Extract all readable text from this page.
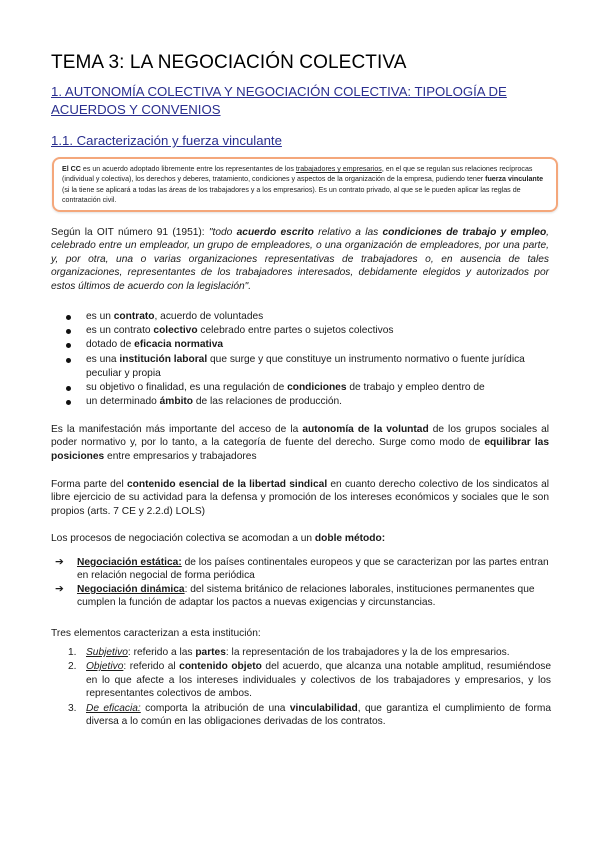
TEMA 3: LA NEGOCIACIÓN COLECTIVA
1. AUTONOMÍA COLECTIVA Y NEGOCIACIÓN COLECTIVA: TIPOLOGÍA DE ACUERDOS Y CONVENIOS
1.1. Caracterización y fuerza vinculante
El CC es un acuerdo adoptado libremente entre los representantes de los trabajadores y empresarios, en el que se regulan sus relaciones recíprocas (individual y colectiva), los derechos y deberes, tratamiento, condiciones y aspectos de la organización de la empresa, pudiendo tener fuerza vinculante (si la tiene se aplicará a todas las áreas de los trabajadores y a los empresarios). Es un contrato privado, al que se le pueden aplicar las reglas de contratación civil.
Según la OIT número 91 (1951): "todo acuerdo escrito relativo a las condiciones de trabajo y empleo, celebrado entre un empleador, un grupo de empleadores, o una organización de empleadores, por una parte, y, por otra, una o varias organizaciones representativas de trabajadores o, en ausencia de tales organizaciones, representantes de los trabajadores interesados, debidamente elegidos y autorizados por estos últimos de acuerdo con la legislación".
es un contrato, acuerdo de voluntades
es un contrato colectivo celebrado entre partes o sujetos colectivos
dotado de eficacia normativa
es una institución laboral que surge y que constituye un instrumento normativo o fuente jurídica peculiar y propia
su objetivo o finalidad, es una regulación de condiciones de trabajo y empleo dentro de
un determinado ámbito de las relaciones de producción.
Es la manifestación más importante del acceso de la autonomía de la voluntad de los grupos sociales al poder normativo y, por lo tanto, a la categoría de fuente del derecho. Surge como modo de equilibrar las posiciones entre empresarios y trabajadores
Forma parte del contenido esencial de la libertad sindical en cuanto derecho colectivo de los sindicatos al libre ejercicio de su actividad para la defensa y promoción de los intereses económicos y sociales que le son propios (arts. 7 CE y 2.2.d) LOLS)
Los procesos de negociación colectiva se acomodan a un doble método:
➔ Negociación estática: de los países continentales europeos y que se caracterizan por las partes entran en relación negocial de forma periódica
➔ Negociación dinámica: del sistema británico de relaciones laborales, instituciones permanentes que cumplen la función de adaptar los pactos a nuevas exigencias y circunstancias.
Tres elementos caracterizan a esta institución:
1. Subjetivo: referido a las partes: la representación de los trabajadores y la de los empresarios.
2. Objetivo: referido al contenido objeto del acuerdo, que alcanza una notable amplitud, resumiéndose en lo que afecte a los intereses individuales y colectivos de los trabajadores y empresarios, y los representantes colectivos de ambos.
3. De eficacia: comporta la atribución de una vinculabilidad, que garantiza el cumplimiento de forma diversa a lo común en las obligaciones derivadas de los contratos.
